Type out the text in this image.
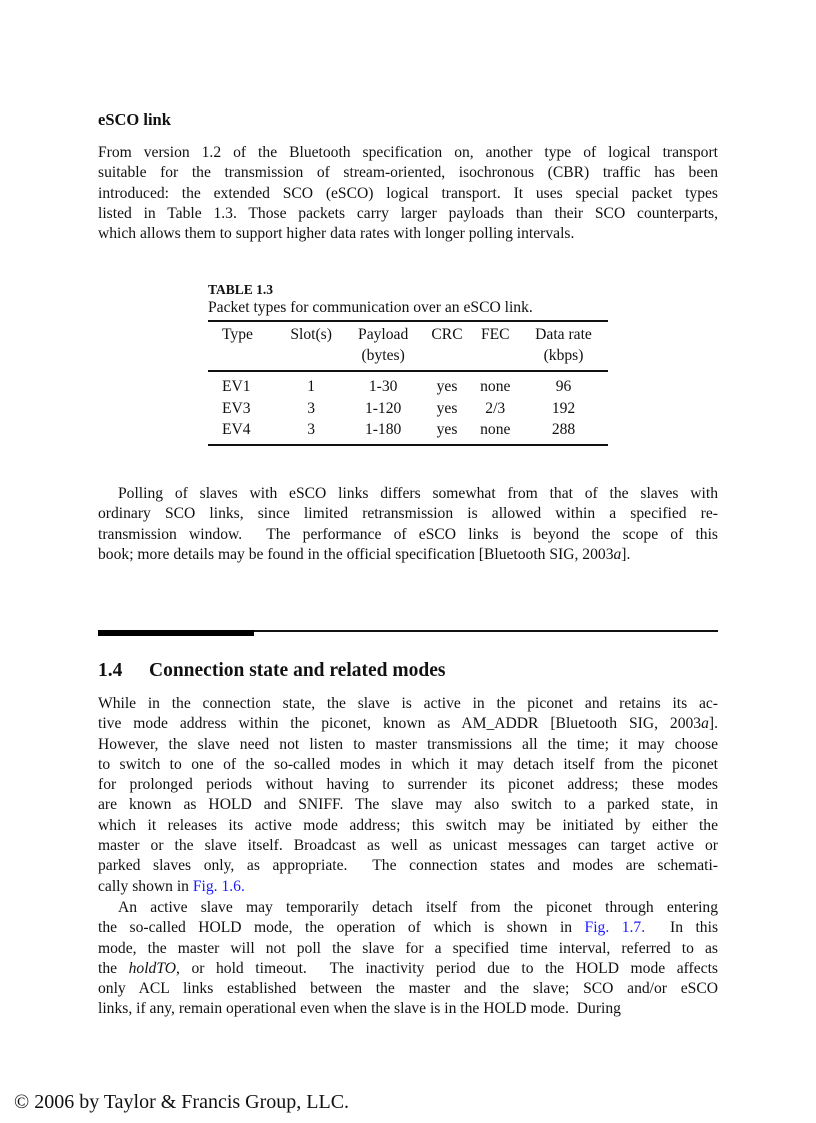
eSCO link
From version 1.2 of the Bluetooth specification on, another type of logical transport
suitable for the transmission of stream-oriented, isochronous (CBR) traffic has been
introduced: the extended SCO (eSCO) logical transport. It uses special packet types
listed in Table 1.3. Those packets carry larger payloads than their SCO counterparts,
which allows them to support higher data rates with longer polling intervals.
TABLE 1.3
Packet types for communication over an eSCO link.
Type	Slot(s)	Payload	CRC	FEC	Data rate
		(bytes)			(kbps)
EV1	1	1-30	yes	none	96
EV3	3	1-120	yes	2/3	192
EV4	3	1-180	yes	none	288
Polling of slaves with eSCO links differs somewhat from that of the slaves with
ordinary SCO links, since limited retransmission is allowed within a specified re-
transmission window.  The performance of eSCO links is beyond the scope of this
book; more details may be found in the official specification [Bluetooth SIG, 2003a].
1.4 Connection state and related modes
While in the connection state, the slave is active in the piconet and retains its ac-
tive mode address within the piconet, known as AM_ADDR [Bluetooth SIG, 2003a].
However, the slave need not listen to master transmissions all the time; it may choose
to switch to one of the so-called modes in which it may detach itself from the piconet
for prolonged periods without having to surrender its piconet address; these modes
are known as HOLD and SNIFF. The slave may also switch to a parked state, in
which it releases its active mode address; this switch may be initiated by either the
master or the slave itself. Broadcast as well as unicast messages can target active or
parked slaves only, as appropriate.  The connection states and modes are schemati-
cally shown in Fig. 1.6.
An active slave may temporarily detach itself from the piconet through entering
the so-called HOLD mode, the operation of which is shown in Fig. 1.7.  In this
mode, the master will not poll the slave for a specified time interval, referred to as
the holdTO, or hold timeout.  The inactivity period due to the HOLD mode affects
only ACL links established between the master and the slave; SCO and/or eSCO
links, if any, remain operational even when the slave is in the HOLD mode.  During
© 2006 by Taylor & Francis Group, LLC.
